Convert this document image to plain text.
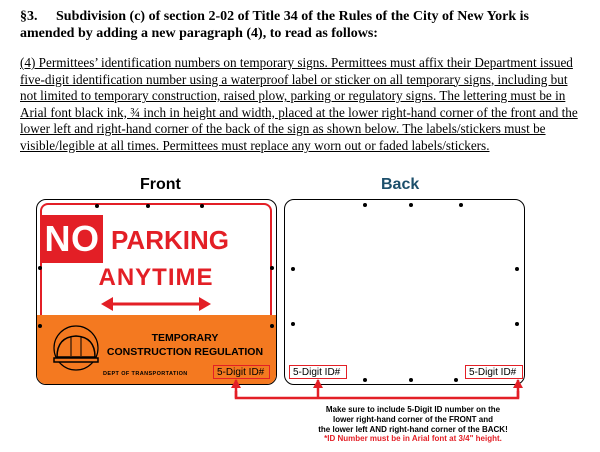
§3. Subdivision (c) of section 2-02 of Title 34 of the Rules of the City of New York is amended by adding a new paragraph (4), to read as follows:
(4) Permittees’ identification numbers on temporary signs. Permittees must affix their Department issued five-digit identification number using a waterproof label or sticker on all temporary signs, including but not limited to temporary construction, raised plow, parking or regulatory signs. The lettering must be in Arial font black ink, ¾ inch in height and width, placed at the lower right-hand corner of the front and the lower left and right-hand corner of the back of the sign as shown below. The labels/stickers must be visible/legible at all times. Permittees must replace any worn out or faded labels/stickers.
Front	Back
NO PARKING
ANYTIME
TEMPORARY
CONSTRUCTION REGULATION
DEPT OF TRANSPORTATION	5-Digit ID#	5-Digit ID#	5-Digit ID#
Make sure to include 5-Digit ID number on the
lower right-hand corner of the FRONT and
the lower left AND right-hand corner of the BACK!
*ID Number must be in Arial font at 3/4" height.
